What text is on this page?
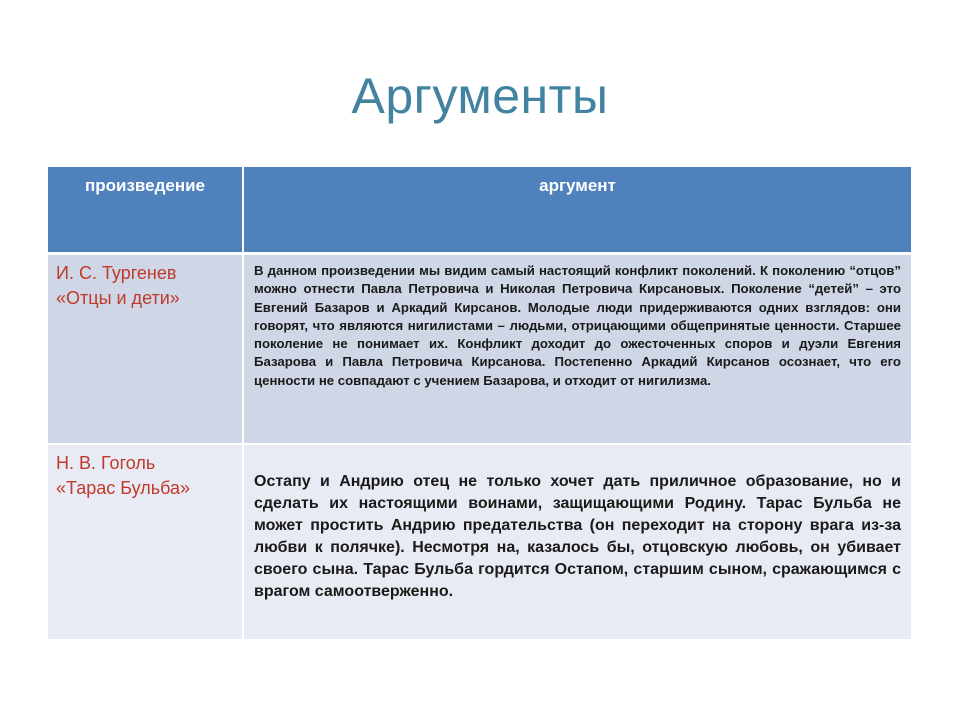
Аргументы
произведение	аргумент

И. С. Тургенев
«Отцы и дети»	В данном произведении мы видим самый настоящий конфликт поколений. К поколению “отцов” можно отнести Павла Петровича и Николая Петровича Кирсановых. Поколение “детей” – это Евгений Базаров и Аркадий Кирсанов. Молодые люди придерживаются одних взглядов: они говорят, что являются нигилистами – людьми, отрицающими общепринятые ценности. Старшее поколение не понимает их. Конфликт доходит до ожесточенных споров и дуэли Евгения Базарова и Павла Петровича Кирсанова. Постепенно Аркадий Кирсанов осознает, что его ценности не совпадают с учением Базарова, и отходит от нигилизма.

Н. В. Гоголь
«Тарас Бульба»	Остапу и Андрию отец не только хочет дать приличное образование, но и сделать их настоящими воинами, защищающими Родину. Тарас Бульба не может простить Андрию предательства (он переходит на сторону врага из-за любви к полячке). Несмотря на, казалось бы, отцовскую любовь, он убивает своего сына. Тарас Бульба гордится Остапом, старшим сыном, сражающимся с врагом самоотверженно.
